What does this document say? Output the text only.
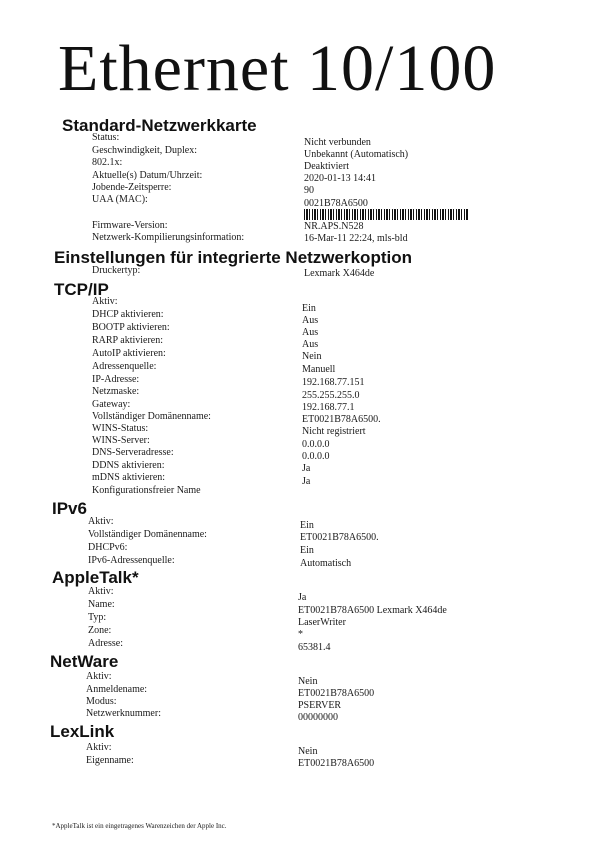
Ethernet 10/100
Standard-Netzwerkkarte
Status:	Nicht verbunden
Geschwindigkeit, Duplex:	Unbekannt (Automatisch)
802.1x:	Deaktiviert
Aktuelle(s) Datum/Uhrzeit:	2020-01-13 14:41
Jobende-Zeitsperre:	90
UAA (MAC):	0021B78A6500
Firmware-Version:	NR.APS.N528
Netzwerk-Kompilierungsinformation:	16-Mar-11 22:24, mls-bld
Einstellungen für integrierte Netzwerkoption
Druckertyp:	Lexmark X464de
TCP/IP
Aktiv:
Ein
DHCP aktivieren:
Aus
BOOTP aktivieren:	Aus
RARP aktivieren:	Aus
AutoIP aktivieren:	Nein
Adressenquelle:	Manuell
IP-Adresse:	192.168.77.151
Netzmaske:	255.255.255.0
Gateway:	192.168.77.1
Vollständiger Domänenname:	ET0021B78A6500.
WINS-Status:	Nicht registriert
WINS-Server:	0.0.0.0
DNS-Serveradresse:	0.0.0.0
DDNS aktivieren:	Ja
mDNS aktivieren:	Ja
Konfigurationsfreier Name
IPv6
Aktiv:	Ein
Vollständiger Domänenname:	ET0021B78A6500.
DHCPv6:	Ein
IPv6-Adressenquelle:	Automatisch
AppleTalk*
Aktiv:
Ja
Name:
ET0021B78A6500 Lexmark X464de
Typ:	LaserWriter
Zone:	*
Adresse:	65381.4
NetWare
Aktiv:	Nein
Anmeldename:	ET0021B78A6500
Modus:	PSERVER
Netzwerknummer:	00000000
LexLink
Aktiv:	Nein
Eigenname:	ET0021B78A6500
*AppleTalk ist ein eingetragenes Warenzeichen der Apple Inc.
